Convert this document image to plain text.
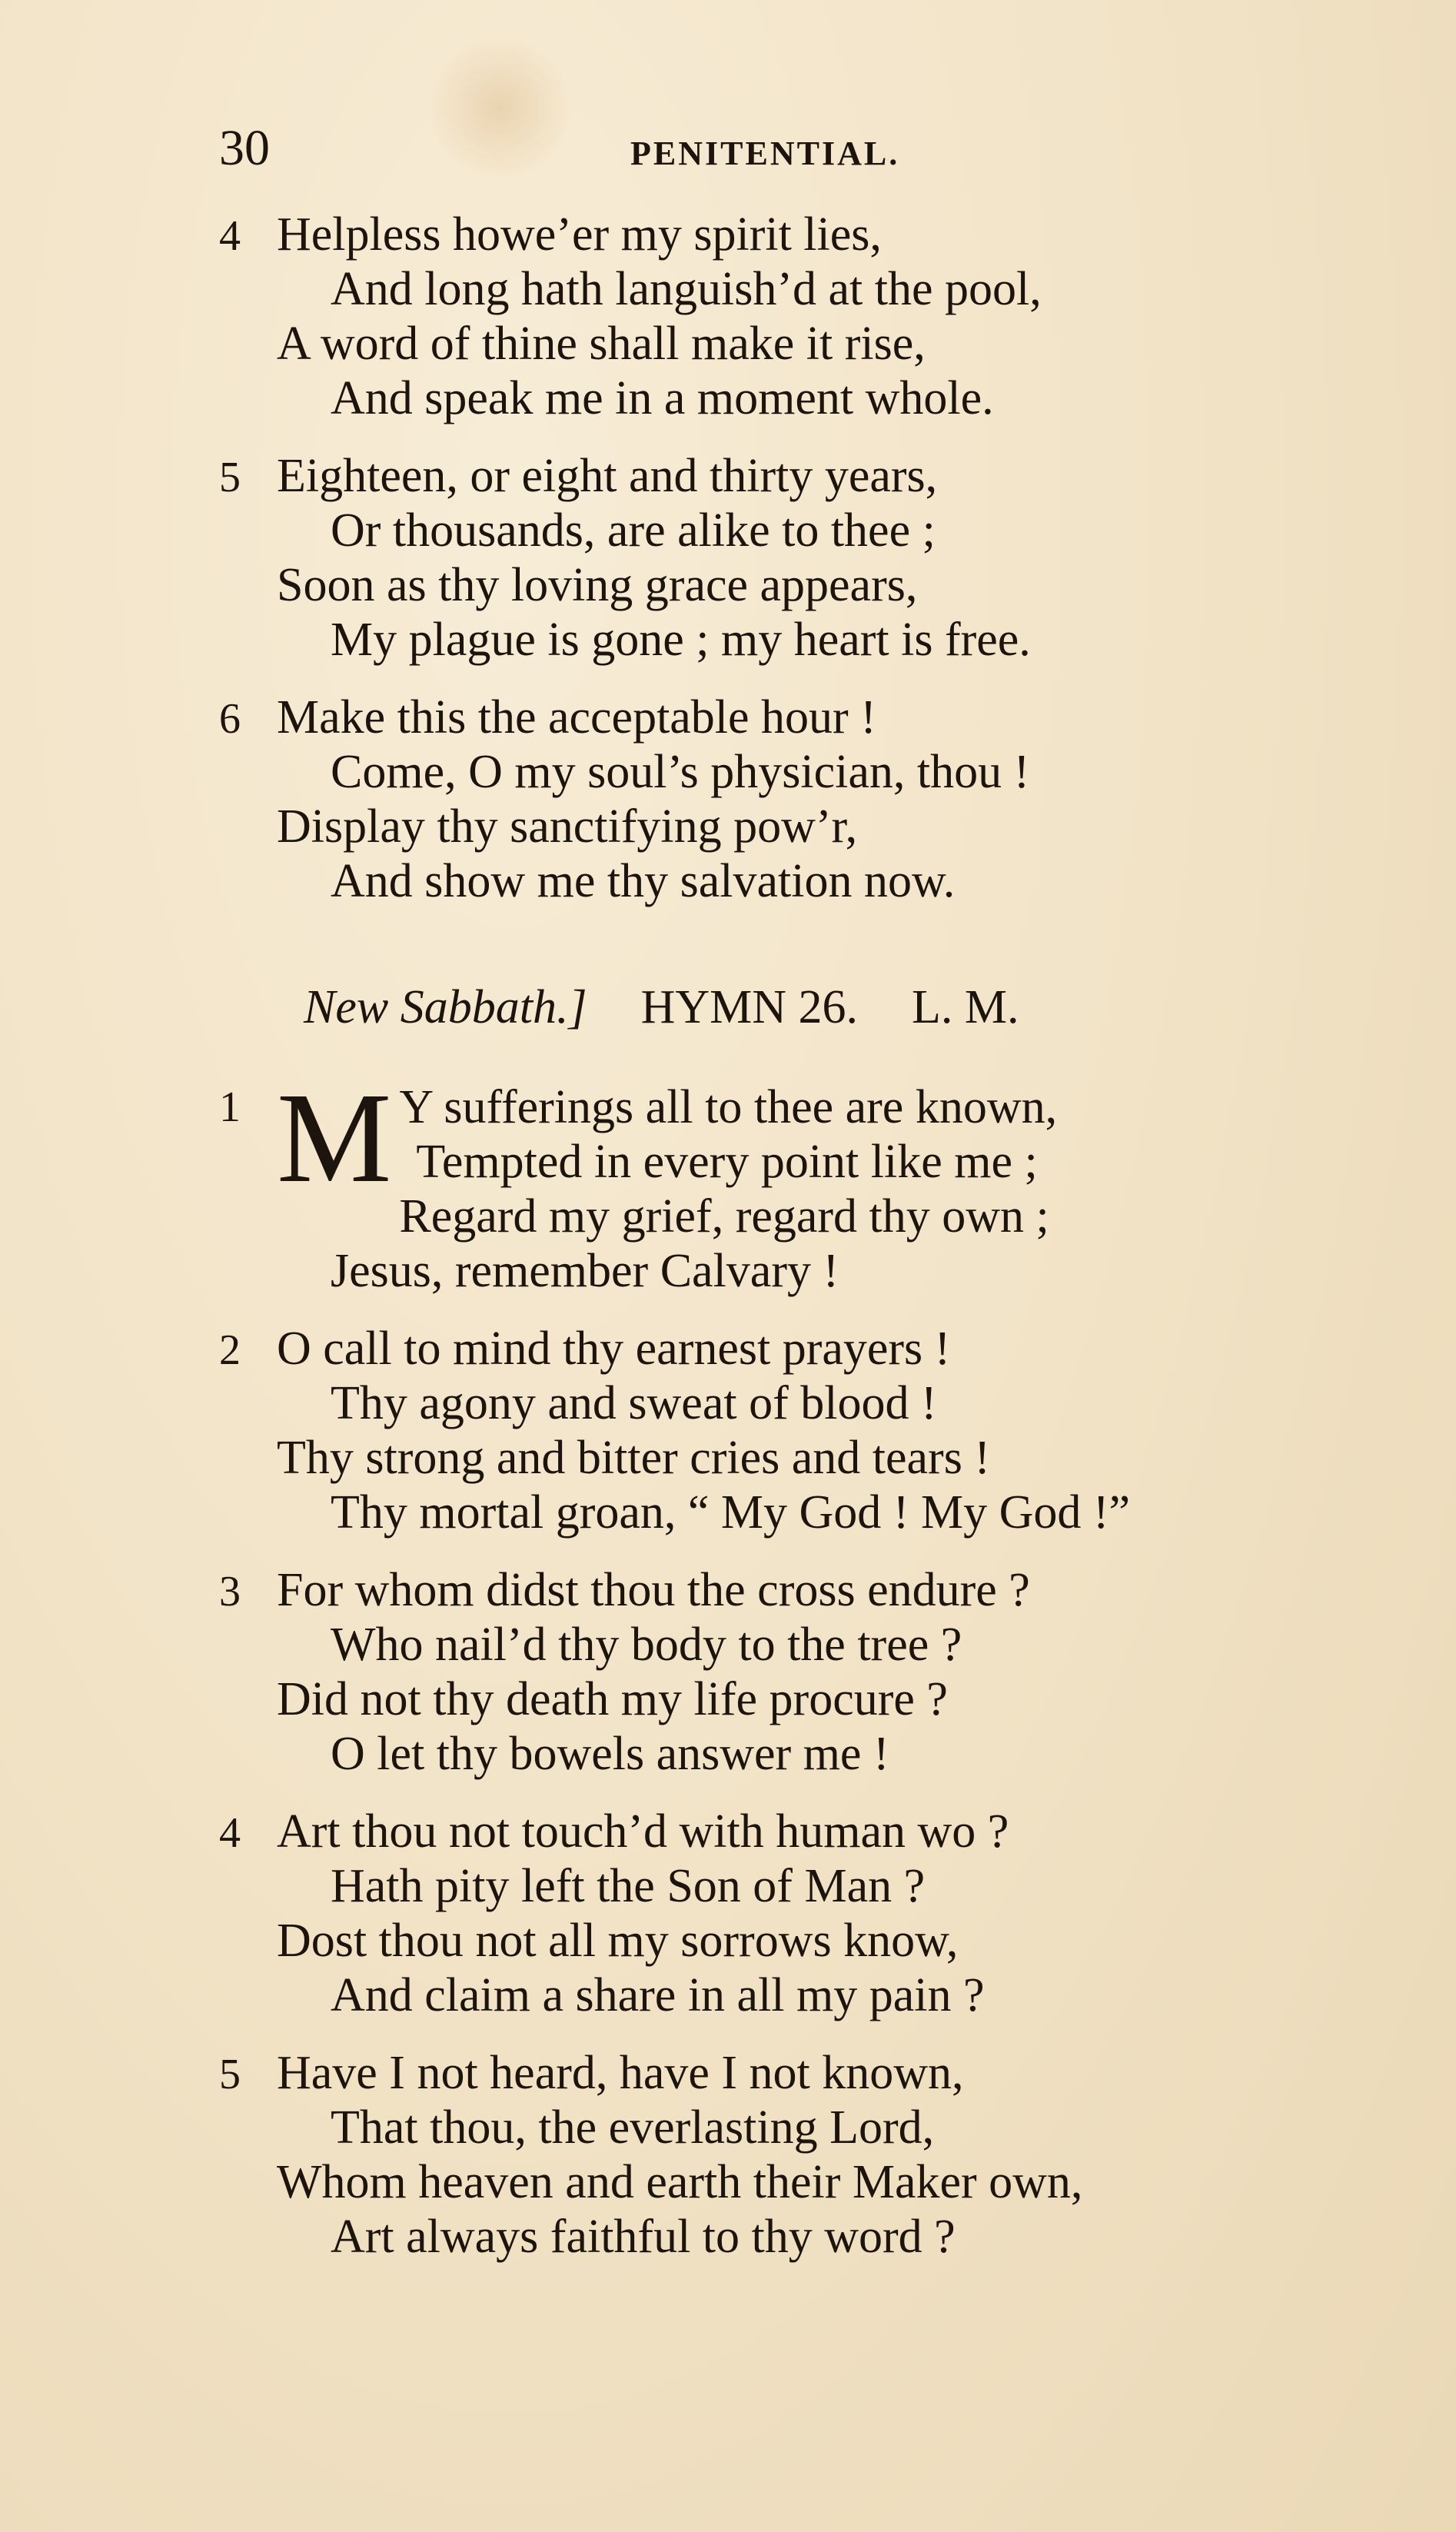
30	PENITENTIAL.
4 Helpless howe’er my spirit lies,
And long hath languish’d at the pool,
A word of thine shall make it rise,
And speak me in a moment whole.
5 Eighteen, or eight and thirty years,
Or thousands, are alike to thee ;
Soon as thy loving grace appears,
My plague is gone ; my heart is free.
6 Make this the acceptable hour !
Come, O my soul’s physician, thou !
Display thy sanctifying pow’r,
And show me thy salvation now.
New Sabbath.] HYMN 26. L. M.
1 M Y sufferings all to thee are known,
Tempted in every point like me ;
Regard my grief, regard thy own ;
Jesus, remember Calvary !
2 O call to mind thy earnest prayers !
Thy agony and sweat of blood !
Thy strong and bitter cries and tears !
Thy mortal groan, “ My God ! My God !”
3 For whom didst thou the cross endure ?
Who nail’d thy body to the tree ?
Did not thy death my life procure ?
O let thy bowels answer me !
4 Art thou not touch’d with human wo ?
Hath pity left the Son of Man ?
Dost thou not all my sorrows know,
And claim a share in all my pain ?
5 Have I not heard, have I not known,
That thou, the everlasting Lord,
Whom heaven and earth their Maker own,
Art always faithful to thy word ?
